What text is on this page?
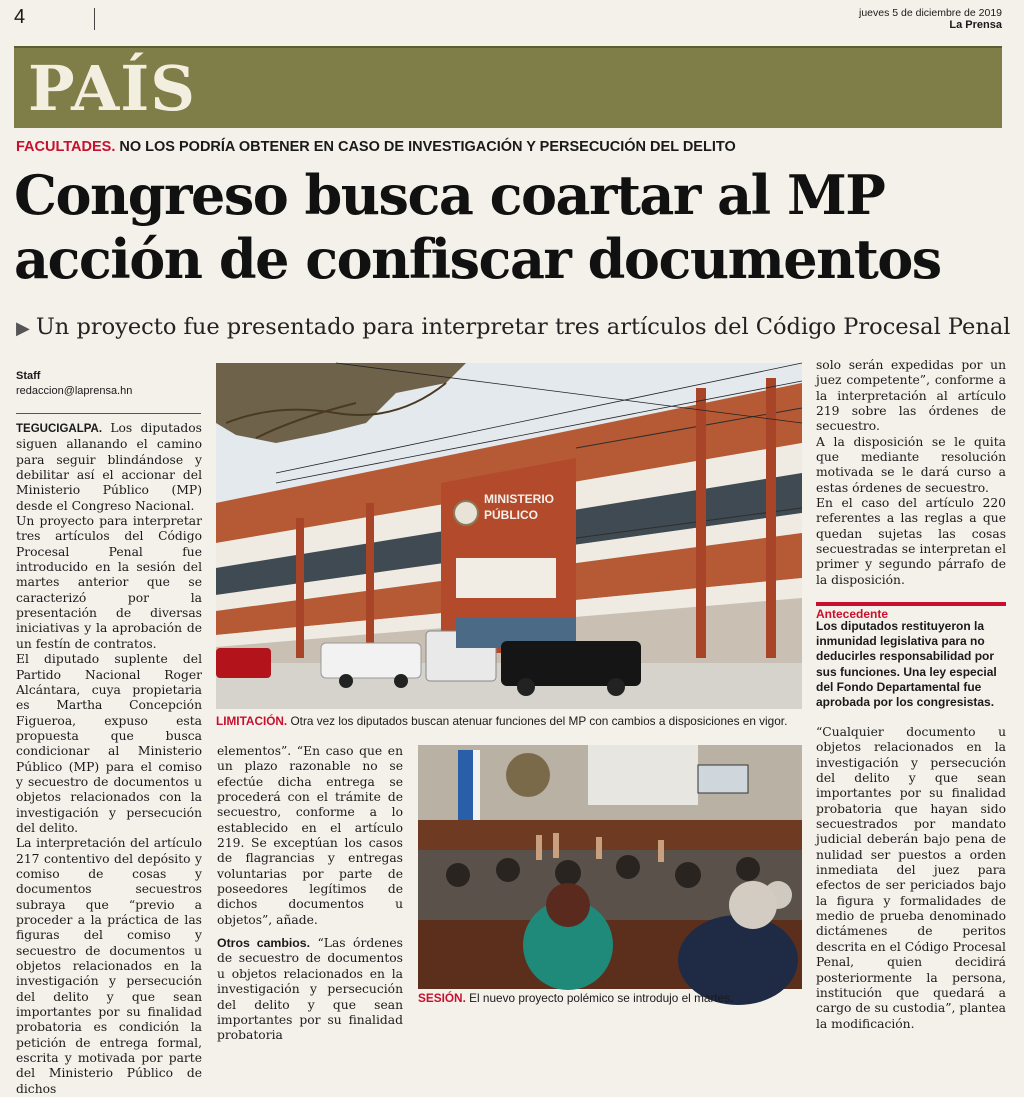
4	jueves 5 de diciembre de 2019
La Prensa
PAÍS
FACULTADES. NO LOS PODRÍA OBTENER EN CASO DE INVESTIGACIÓN Y PERSECUCIÓN DEL DELITO
Congreso busca coartar al MP
acción de confiscar documentos
▶ Un proyecto fue presentado para interpretar tres artículos del Código Procesal Penal
Staff
redaccion@laprensa.hn

TEGUCIGALPA. Los diputados siguen allanando el camino para seguir blindándose y debilitar así el accionar del Ministerio Público (MP) desde el Congreso Nacional.

Un proyecto para interpretar tres artículos del Código Procesal Penal fue introducido en la sesión del martes anterior que se caracterizó por la presentación de diversas iniciativas y la aprobación de un festín de contratos.

El diputado suplente del Partido Nacional Roger Alcántara, cuya propietaria es Martha Concepción Figueroa, expuso esta propuesta que busca condicionar al Ministerio Público (MP) para el comiso y secuestro de documentos u objetos relacionados con la investigación y persecución del delito.

La interpretación del artículo 217 contentivo del depósito y comiso de cosas y documentos secuestros subraya que “previo a proceder a la práctica de las figuras del comiso y secuestro de documentos u objetos relacionados en la investigación y persecución del delito y que sean importantes por su finalidad probatoria es condición la petición de entrega formal, escrita y motivada por parte del Ministerio Público de dichos

MINISTERIO
PÚBLICO
LIMITACIÓN. Otra vez los diputados buscan atenuar funciones del MP con cambios a disposiciones en vigor.

elementos”. “En caso que en un plazo razonable no se efectúe dicha entrega se procederá con el trámite de secuestro, conforme a lo establecido en el artículo 219. Se exceptúan los casos de flagrancias y entregas voluntarias por parte de poseedores legítimos de dichos documentos u objetos”, añade.

Otros cambios. “Las órdenes de secuestro de documentos u objetos relacionados en la investigación y persecución del delito y que sean importantes por su finalidad probatoria

SESIÓN. El nuevo proyecto polémico se introdujo el martes.

solo serán expedidas por un juez competente”, conforme a la interpretación al artículo 219 sobre las órdenes de secuestro.

A la disposición se le quita que mediante resolución motivada se le dará curso a estas órdenes de secuestro.

En el caso del artículo 220 referentes a las reglas a que quedan sujetas las cosas secuestradas se interpretan el primer y segundo párrafo de la disposición.

Antecedente
Los diputados restituyeron la inmunidad legislativa para no deducirles responsabilidad por sus funciones. Una ley especial del Fondo Departamental fue aprobada por los congresistas.

“Cualquier documento u objetos relacionados en la investigación y persecución del delito y que sean importantes por su finalidad probatoria que hayan sido secuestrados por mandato judicial deberán bajo pena de nulidad ser puestos a orden inmediata del juez para efectos de ser periciados bajo la figura y formalidades de medio de prueba denominado dictámenes de peritos descrita en el Código Procesal Penal, quien decidirá posteriormente la persona, institución que quedará a cargo de su custodia”, plantea la modificación.
